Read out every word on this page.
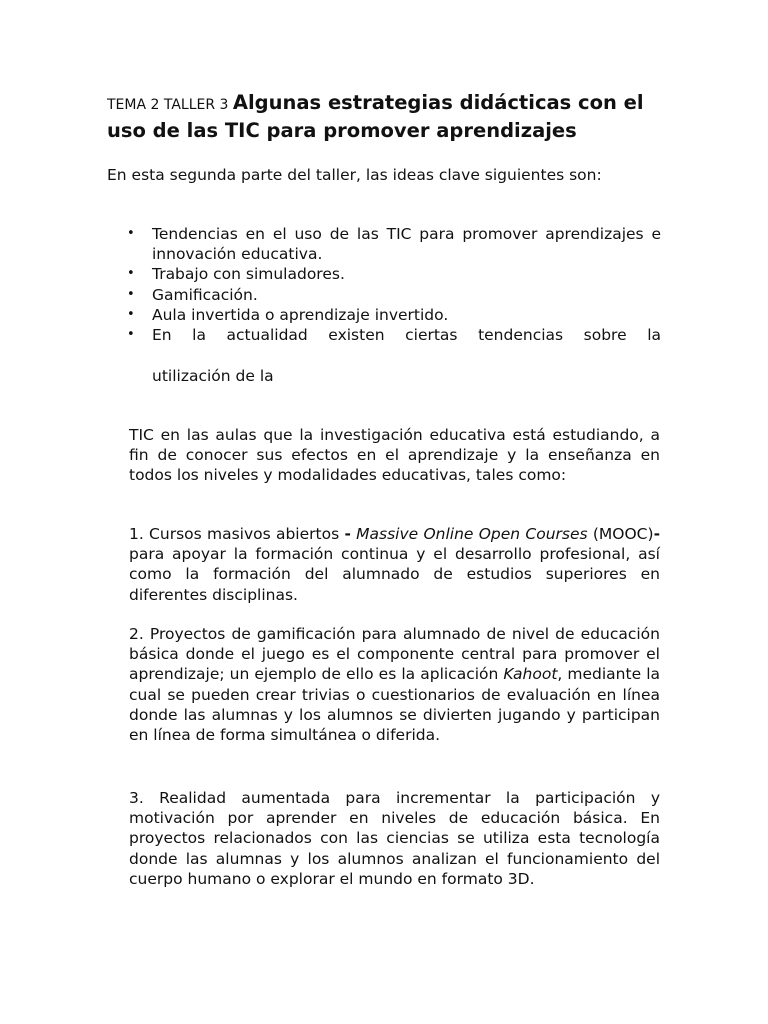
TEMA 2 TALLER 3 Algunas estrategias didácticas con el uso de las TIC para promover aprendizajes

En esta segunda parte del taller, las ideas clave siguientes son:

• Tendencias en el uso de las TIC para promover aprendizajes e innovación educativa.
• Trabajo con simuladores.
• Gamificación.
• Aula invertida o aprendizaje invertido.
• En la actualidad existen ciertas tendencias sobre la

utilización de la

TIC en las aulas que la investigación educativa está estudiando, a fin de conocer sus efectos en el aprendizaje y la enseñanza en todos los niveles y modalidades educativas, tales como:

1. Cursos masivos abiertos - Massive Online Open Courses (MOOC)- para apoyar la formación continua y el desarrollo profesional, así como la formación del alumnado de estudios superiores en diferentes disciplinas.

2. Proyectos de gamificación para alumnado de nivel de educación básica donde el juego es el componente central para promover el aprendizaje; un ejemplo de ello es la aplicación Kahoot, mediante la cual se pueden crear trivias o cuestionarios de evaluación en línea donde las alumnas y los alumnos se divierten jugando y participan en línea de forma simultánea o diferida.

3. Realidad aumentada para incrementar la participación y motivación por aprender en niveles de educación básica. En proyectos relacionados con las ciencias se utiliza esta tecnología donde las alumnas y los alumnos analizan el funcionamiento del cuerpo humano o explorar el mundo en formato 3D.
